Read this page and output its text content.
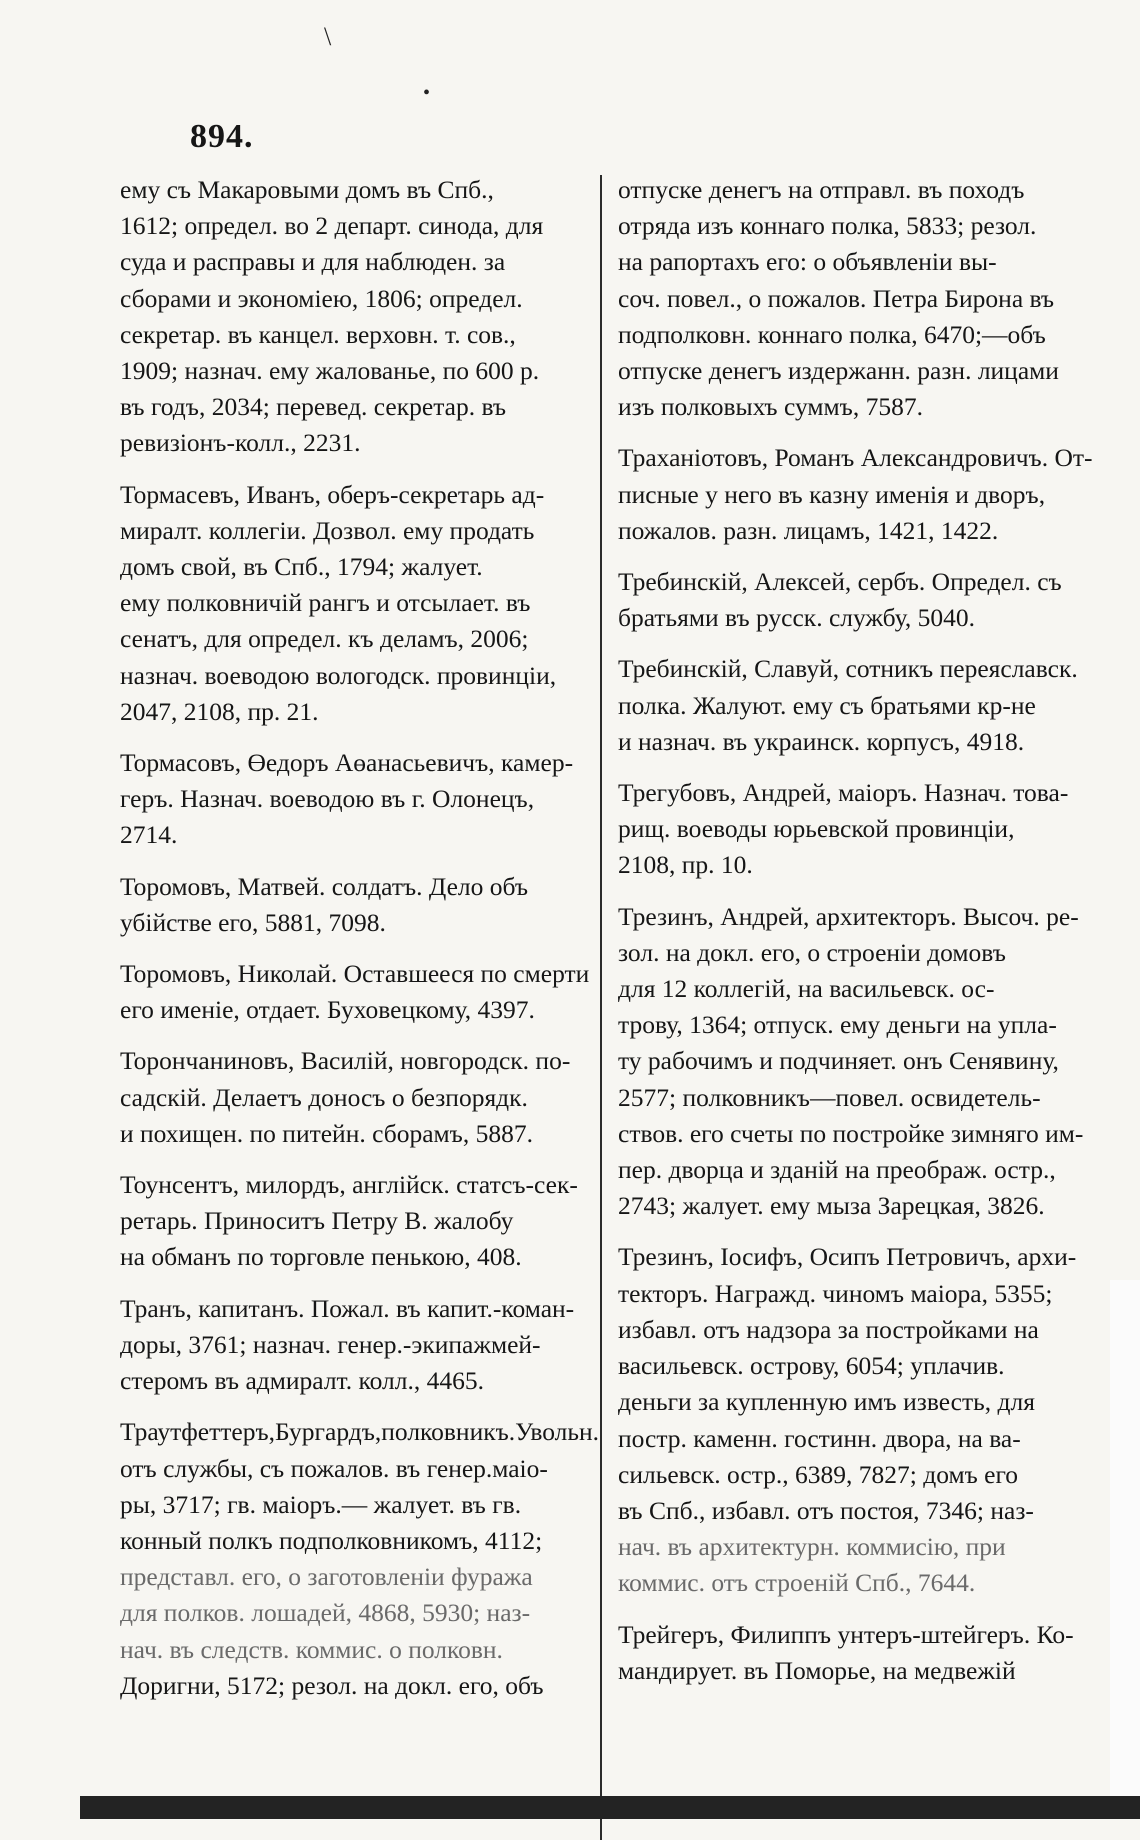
\
•
894.
ему съ Макаровыми домъ въ Спб.,
1612; определ. во 2 департ. синода, для
суда и расправы и для наблюден. за
сборами и экономiею, 1806; определ.
секретар. въ канцел. верховн. т. сов.,
1909; назнач. ему жалованье, по 600 р.
въ годъ, 2034; перевед. секретар. въ
ревизiонъ-колл., 2231.
Тормасевъ, Иванъ, оберъ-секретарь ад-
миралт. коллегiи. Дозвол. ему продать
домъ свой, въ Спб., 1794; жалует.
ему полковничiй рангъ и отсылает. въ
сенатъ, для определ. къ деламъ, 2006;
назнач. воеводою вологодск. провинцiи,
2047, 2108, пр. 21.
Тормасовъ, Өедоръ Аөанасьевичъ, камер-
геръ. Назнач. воеводою въ г. Олонецъ,
2714.
Торомовъ, Матвей. солдатъ. Дело объ
убiйстве его, 5881, 7098.
Торомовъ, Николай. Оставшееся по смерти
его именiе, отдает. Буховецкому, 4397.
Торончаниновъ, Василiй, новгородск. по-
садскiй. Делаетъ доносъ о безпорядк.
и похищен. по питейн. сборамъ, 5887.
Тоунсентъ, милордъ, англiйск. статсъ-сек-
ретарь. Приноситъ Петру В. жалобу
на обманъ по торговле пенькою, 408.
Транъ, капитанъ. Пожал. въ капит.-коман-
доры, 3761; назнач. генер.-экипажмей-
стеромъ въ адмиралт. колл., 4465.
Траутфеттеръ,Бургардъ,полковникъ.Увольн.
отъ службы, съ пожалов. въ генер.маiо-
ры, 3717; гв. маiоръ.— жалует. въ гв.
конный полкъ подполковникомъ, 4112;
представл. его, о заготовленiи фуража
для полков. лошадей, 4868, 5930; наз-
нач. въ следств. коммис. о полковн.
Доригни, 5172; резол. на докл. его, объ
отпуске денегъ на отправл. въ походъ
отряда изъ коннаго полка, 5833; резол.
на рапортахъ его: о объявленiи вы-
соч. повел., о пожалов. Петра Бирона въ
подполковн. коннаго полка, 6470;—объ
отпуске денегъ издержанн. разн. лицами
изъ полковыхъ суммъ, 7587.
Траханiотовъ, Романъ Александровичъ. От-
писные у него въ казну именiя и дворъ,
пожалов. разн. лицамъ, 1421, 1422.
Требинскiй, Алексей, сербъ. Определ. съ
братьями въ русск. службу, 5040.
Требинскiй, Славуй, сотникъ переяславск.
полка. Жалуют. ему съ братьями кр-не
и назнач. въ украинск. корпусъ, 4918.
Трегубовъ, Андрей, маiоръ. Назнач. това-
рищ. воеводы юрьевской провинцiи,
2108, пр. 10.
Трезинъ, Андрей, архитекторъ. Высоч. ре-
зол. на докл. его, о строенiи домовъ
для 12 коллегiй, на васильевск. ос-
трову, 1364; отпуск. ему деньги на упла-
ту рабочимъ и подчиняет. онъ Сенявину,
2577; полковникъ—повел. освидетель-
ствов. его счеты по постройке зимняго им-
пер. дворца и зданiй на преображ. остр.,
2743; жалует. ему мыза Зарецкая, 3826.
Трезинъ, Iосифъ, Осипъ Петровичъ, архи-
текторъ. Награжд. чиномъ маiора, 5355;
избавл. отъ надзора за постройками на
васильевск. острову, 6054; уплачив.
деньги за купленную имъ известь, для
постр. каменн. гостинн. двора, на ва-
сильевск. остр., 6389, 7827; домъ его
въ Спб., избавл. отъ постоя, 7346; наз-
нач. въ архитектурн. коммисiю, при
коммис. отъ строенiй Спб., 7644.
Трейгеръ, Филиппъ унтеръ-штейгеръ. Ко-
мандирует. въ Поморье, на медвежiй
